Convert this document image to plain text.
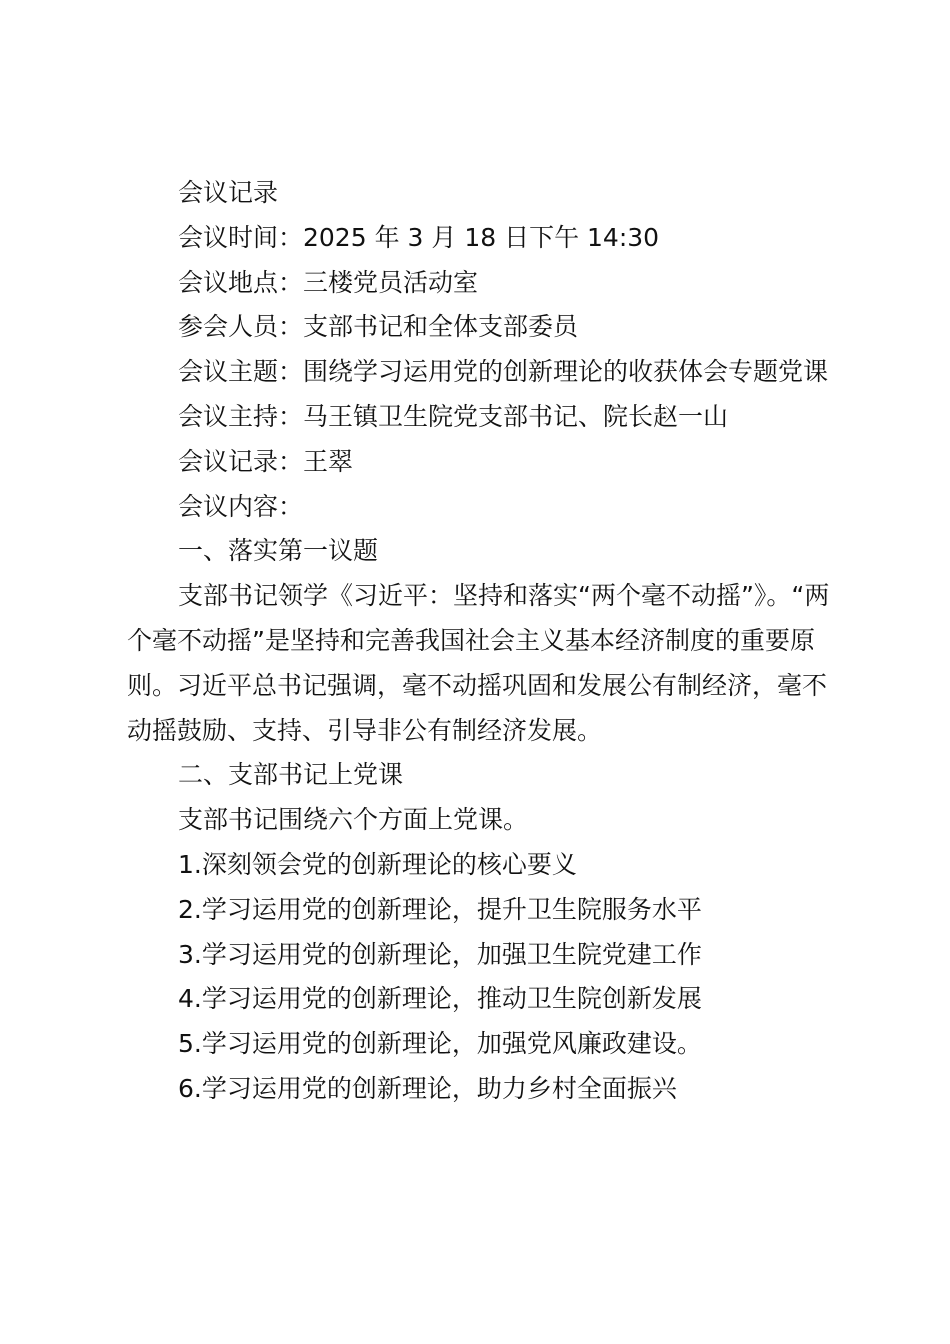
会议记录

会议时间：2025 年 3 月 18 日下午 14:30

会议地点：三楼党员活动室

参会人员：支部书记和全体支部委员

会议主题：围绕学习运用党的创新理论的收获体会专题党课

会议主持：马王镇卫生院党支部书记、院长赵一山

会议记录：王翠

会议内容：

一、落实第一议题

支部书记领学《习近平：坚持和落实“两个毫不动摇”》。“两个毫不动摇”是坚持和完善我国社会主义基本经济制度的重要原则。习近平总书记强调，毫不动摇巩固和发展公有制经济，毫不动摇鼓励、支持、引导非公有制经济发展。

二、支部书记上党课

支部书记围绕六个方面上党课。

1.深刻领会党的创新理论的核心要义

2.学习运用党的创新理论，提升卫生院服务水平

3.学习运用党的创新理论，加强卫生院党建工作

4.学习运用党的创新理论，推动卫生院创新发展

5.学习运用党的创新理论，加强党风廉政建设。

6.学习运用党的创新理论，助力乡村全面振兴
